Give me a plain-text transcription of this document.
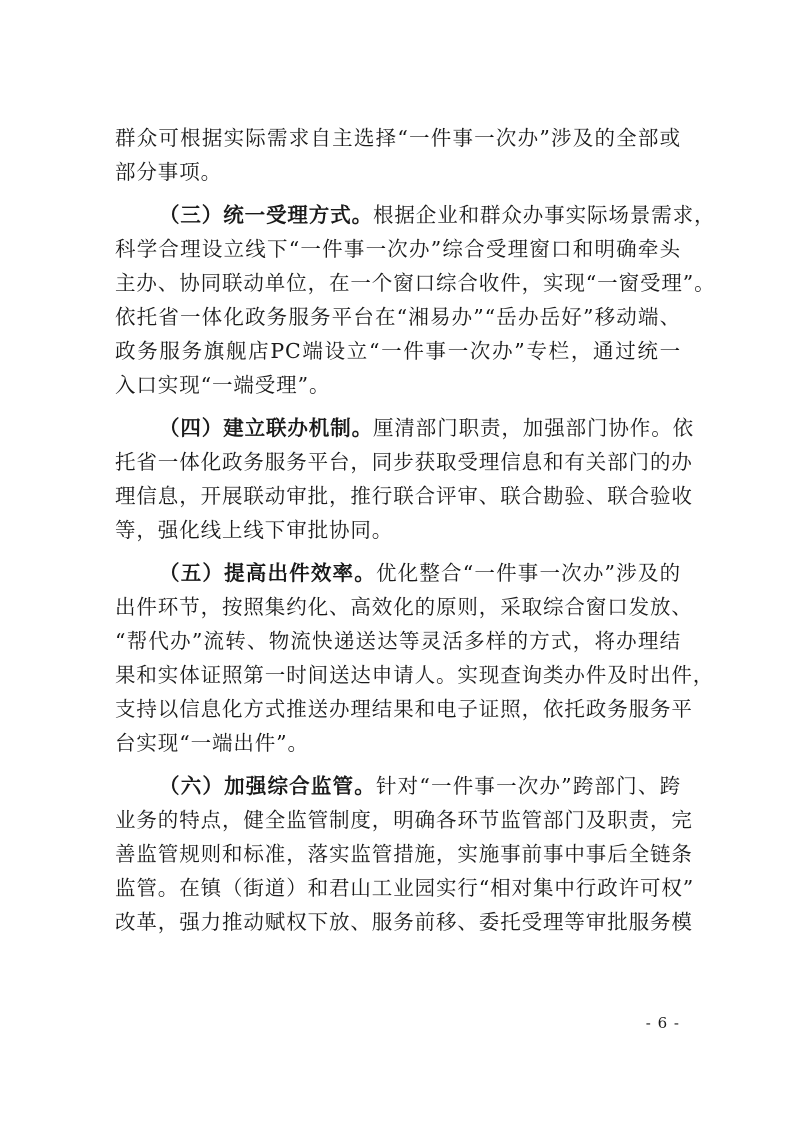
群众可根据实际需求自主选择“一件事一次办”涉及的全部或
部分事项。
（三）统一受理方式。根据企业和群众办事实际场景需求，
科学合理设立线下“一件事一次办”综合受理窗口和明确牵头
主办、协同联动单位，在一个窗口综合收件，实现“一窗受理”。
依托省一体化政务服务平台在“湘易办”“岳办岳好”移动端、
政务服务旗舰店PC端设立“一件事一次办”专栏，通过统一
入口实现“一端受理”。
（四）建立联办机制。厘清部门职责，加强部门协作。依
托省一体化政务服务平台，同步获取受理信息和有关部门的办
理信息，开展联动审批，推行联合评审、联合勘验、联合验收
等，强化线上线下审批协同。
（五）提高出件效率。优化整合“一件事一次办”涉及的
出件环节，按照集约化、高效化的原则，采取综合窗口发放、
“帮代办”流转、物流快递送达等灵活多样的方式，将办理结
果和实体证照第一时间送达申请人。实现查询类办件及时出件，
支持以信息化方式推送办理结果和电子证照，依托政务服务平
台实现“一端出件”。
（六）加强综合监管。针对“一件事一次办”跨部门、跨
业务的特点，健全监管制度，明确各环节监管部门及职责，完
善监管规则和标准，落实监管措施，实施事前事中事后全链条
监管。在镇（街道）和君山工业园实行“相对集中行政许可权”
改革，强力推动赋权下放、服务前移、委托受理等审批服务模
- 6 -
